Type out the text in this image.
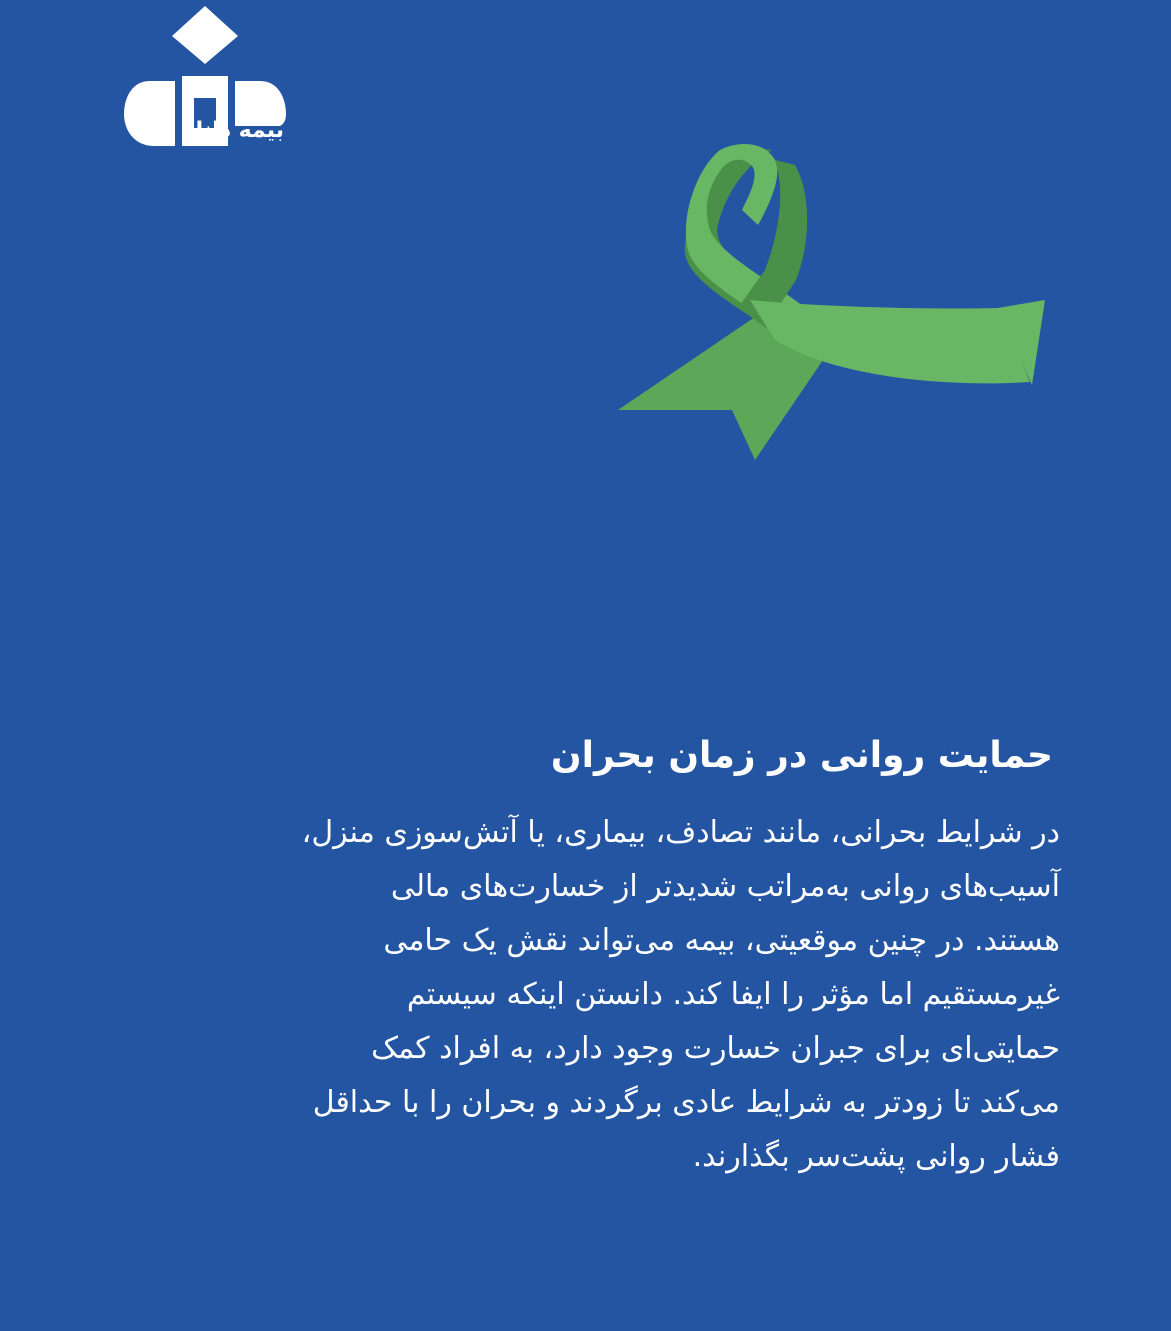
بیمه دانا
حمایت روانی در زمان بحران
در شرایط بحرانی، مانند تصادف، بیماری، یا آتش‌سوزی منزل،
آسیب‌های روانی به‌مراتب شدیدتر از خسارت‌های مالی
هستند. در چنین موقعیتی، بیمه می‌تواند نقش یک حامی
غیرمستقیم اما مؤثر را ایفا کند. دانستن اینکه سیستم
حمایتی‌ای برای جبران خسارت وجود دارد، به افراد کمک
می‌کند تا زودتر به شرایط عادی برگردند و بحران را با حداقل
فشار روانی پشت‌سر بگذارند.
